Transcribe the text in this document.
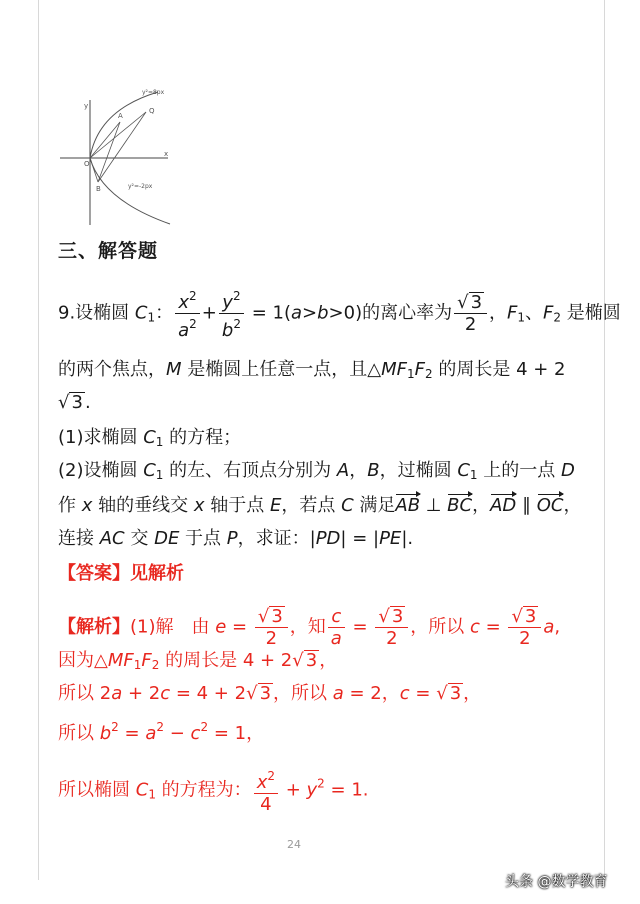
y²=8px
y²=-2px
y
x
A
Q
O
B
三、解答题
9.设椭圆 $C_1$： $\frac{x^2}{a^2} + \frac{y^2}{b^2} = 1(a>b>0)$的离心率为 $\frac{√ 3}{2}$ ，$F_1$、$F_2$ 是椭圆
的两个焦点，M 是椭圆上任意一点，且$\triangle MF_1F_2$ 的周长是 4 + 2
√ 3 .
(1)求椭圆 $C_1$ 的方程；
(2)设椭圆 $C_1$ 的左、右顶点分别为 A，B，过椭圆 $C_1$ 上的一点 D
作 x 轴的垂线交 x 轴于点 E，若点 C 满足AB ⊥ BC，AD ∥ OC，
连接 AC 交 DE 于点 P，求证：|PD| = |PE|.
【答案】见解析
【解析】(1)解　由 $e = \frac{√ 3}{2}$ ，知 $\frac{c}{a} = \frac{√ 3}{2}$ ，所以 $c = \frac{√ 3}{2} a$,
因为$\triangle MF_1F_2$ 的周长是 4 + 2√ 3 ，
所以 2a + 2c = 4 + 2√ 3 ，所以 a = 2，c = √ 3 ，
所以 $b^2 = a^2 - c^2 = 1$，
所以椭圆 $C_1$ 的方程为： $\frac{x^2}{4} + y^2 = 1$.
24
头条 @数学教育
